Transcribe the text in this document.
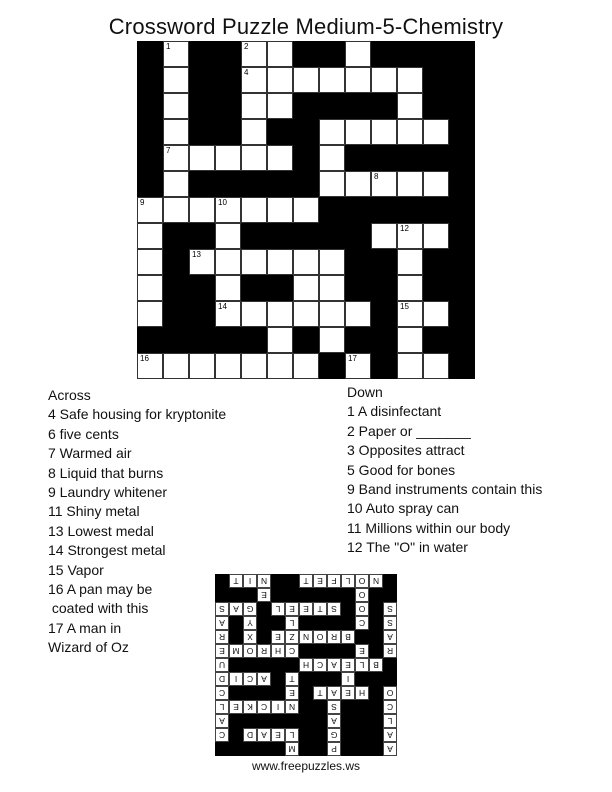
Crossword Puzzle Medium-5-Chemistry
1	2
4
7
8
9	10
12
13
14	15
16	17
Across
4 Safe housing for kryptonite
6 five cents
7 Warmed air
8 Liquid that burns
9 Laundry whitener
11 Shiny metal
13 Lowest medal
14 Strongest metal
15 Vapor
16 A pan may be
coated with this
17 A man in
Wizard of Oz
Down
1 A disinfectant
2 Paper or _______
3 Opposites attract
5 Good for bones
9 Band instruments contain this
10 Auto spray can
11 Millions within our body
12 The "O" in water
T	I	N	T	E	F	L O N
E	O
S A G	L	E E	T	S	O	S
A	Y	L	C	S
R	X	E	Z N O R B	A
E M O R H C	E	R
U	H C A E	L	B
D	I	C A	T	I
C	E	T	A E H	O
L	E K C	I	N	S	C
A	A	L
C	D A E	L	G	A
M	P	A
www.freepuzzles.ws
